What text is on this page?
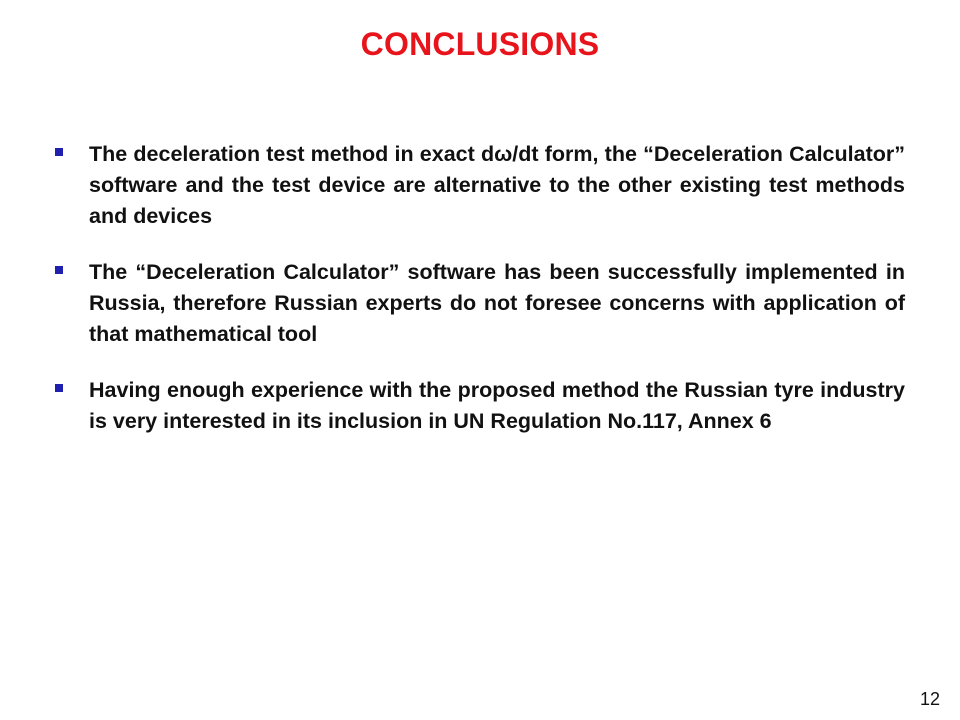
CONCLUSIONS
The deceleration test method in exact dω/dt form, the “Deceleration Calculator” software and the test device are alternative to the other existing test methods and devices
The “Deceleration Calculator” software has been successfully implemented in Russia, therefore Russian experts do not foresee concerns with application of that mathematical tool
Having enough experience with the proposed method the Russian tyre industry is very interested in its inclusion in UN Regulation No.117, Annex 6
12
